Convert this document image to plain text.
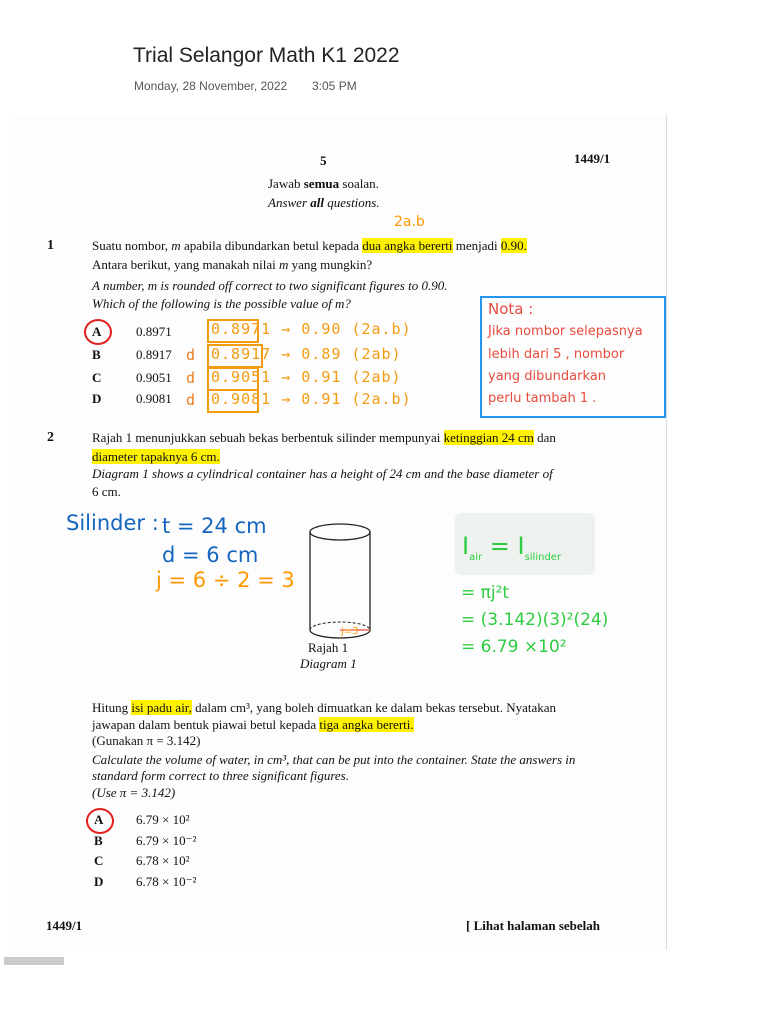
Trial Selangor Math K1 2022
Monday, 28 November, 2022 3:05 PM
5	1449/1
Jawab semua soalan.
Answer all questions.
2a.b
1	Suatu nombor, m apabila dibundarkan betul kepada dua angka bererti menjadi 0.90.
Antara berikut, yang manakah nilai m yang mungkin?
A number, m is rounded off correct to two significant figures to 0.90.
Which of the following is the possible value of m?
A	0.8971
B	0.8917
C	0.9051
D	0.9081
d
d
d
0.8971 → 0.90 (2a.b)
0.8917 → 0.89 (2ab)
0.9051 → 0.91 (2ab)
0.9081 → 0.91 (2a.b)
Nota :
Jika nombor selepasnya
lebih dari 5 , nombor
yang dibundarkan
perlu tambah 1 .
2	Rajah 1 menunjukkan sebuah bekas berbentuk silinder mempunyai ketinggian 24 cm dan
diameter tapaknya 6 cm.
Diagram 1 shows a cylindrical container has a height of 24 cm and the base diameter of
6 cm.
Silinder : t = 24 cm
d = 6 cm
j = 6 ÷ 2 = 3
j=3
Rajah 1
Diagram 1
$I_{air} = I_{silinder}$
= πj²t
= (3.142)(3)²(24)
= 6.79 ×10²
Hitung isi padu air, dalam cm³, yang boleh dimuatkan ke dalam bekas tersebut. Nyatakan
jawapan dalam bentuk piawai betul kepada tiga angka bererti.
(Gunakan π = 3.142)
Calculate the volume of water, in cm³, that can be put into the container. State the answers in
standard form correct to three significant figures.
(Use π = 3.142)
A	6.79 × 10²
B	6.79 × 10⁻²
C	6.78 × 10²
D	6.78 × 10⁻²
1449/1	[ Lihat halaman sebelah
